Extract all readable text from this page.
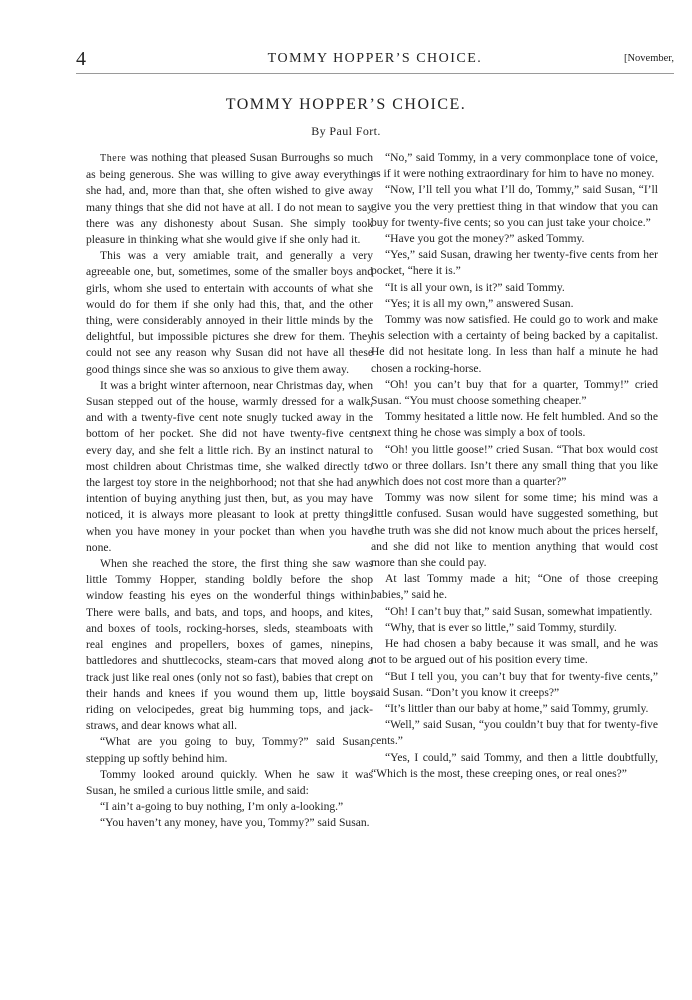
4	TOMMY HOPPER’S CHOICE.	[November,
TOMMY HOPPER’S CHOICE.
By Paul Fort.

There was nothing that pleased Susan Burroughs so much as being generous. She was willing to give away everything she had, and, more than that, she often wished to give away many things that she did not have at all. I do not mean to say there was any dishonesty about Susan. She simply took pleasure in thinking what she would give if she only had it.

This was a very amiable trait, and generally a very agreeable one, but, sometimes, some of the smaller boys and girls, whom she used to entertain with accounts of what she would do for them if she only had this, that, and the other thing, were considerably annoyed in their little minds by the delightful, but impossible pictures she drew for them. They could not see any reason why Susan did not have all these good things since she was so anxious to give them away.

It was a bright winter afternoon, near Christmas day, when Susan stepped out of the house, warmly dressed for a walk, and with a twenty-five cent note snugly tucked away in the bottom of her pocket. She did not have twenty-five cents every day, and she felt a little rich. By an instinct natural to most children about Christmas time, she walked directly to the largest toy store in the neighborhood; not that she had any intention of buying anything just then, but, as you may have noticed, it is always more pleasant to look at pretty things when you have money in your pocket than when you have none.

When she reached the store, the first thing she saw was little Tommy Hopper, standing boldly before the shop window feasting his eyes on the wonderful things within. There were balls, and bats, and tops, and hoops, and kites, and boxes of tools, rocking-horses, sleds, steamboats with real engines and propellers, boxes of games, ninepins, battledores and shuttlecocks, steam-cars that moved along a track just like real ones (only not so fast), babies that crept on their hands and knees if you wound them up, little boys riding on velocipedes, great big humming tops, and jack-straws, and dear knows what all.

“What are you going to buy, Tommy?” said Susan, stepping up softly behind him.

Tommy looked around quickly. When he saw it was Susan, he smiled a curious little smile, and said:

“I ain’t a-going to buy nothing, I’m only a-looking.”

“You haven’t any money, have you, Tommy?” said Susan.

“No,” said Tommy, in a very commonplace tone of voice, as if it were nothing extraordinary for him to have no money.

“Now, I’ll tell you what I’ll do, Tommy,” said Susan, “I’ll give you the very prettiest thing in that window that you can buy for twenty-five cents; so you can just take your choice.”

“Have you got the money?” asked Tommy.

“Yes,” said Susan, drawing her twenty-five cents from her pocket, “here it is.”

“It is all your own, is it?” said Tommy.

“Yes; it is all my own,” answered Susan.

Tommy was now satisfied. He could go to work and make his selection with a certainty of being backed by a capitalist. He did not hesitate long. In less than half a minute he had chosen a rocking-horse.

“Oh! you can’t buy that for a quarter, Tommy!” cried Susan. “You must choose something cheaper.”

Tommy hesitated a little now. He felt humbled. And so the next thing he chose was simply a box of tools.

“Oh! you little goose!” cried Susan. “That box would cost two or three dollars. Isn’t there any small thing that you like which does not cost more than a quarter?”

Tommy was now silent for some time; his mind was a little confused. Susan would have suggested something, but the truth was she did not know much about the prices herself, and she did not like to mention anything that would cost more than she could pay.

At last Tommy made a hit; “One of those creeping babies,” said he.

“Oh! I can’t buy that,” said Susan, somewhat impatiently.

“Why, that is ever so little,” said Tommy, sturdily.

He had chosen a baby because it was small, and he was not to be argued out of his position every time.

“But I tell you, you can’t buy that for twenty-five cents,” said Susan. “Don’t you know it creeps?”

“It’s littler than our baby at home,” said Tommy, grumly.

“Well,” said Susan, “you couldn’t buy that for twenty-five cents.”

“Yes, I could,” said Tommy, and then a little doubtfully, “Which is the most, these creeping ones, or real ones?”
